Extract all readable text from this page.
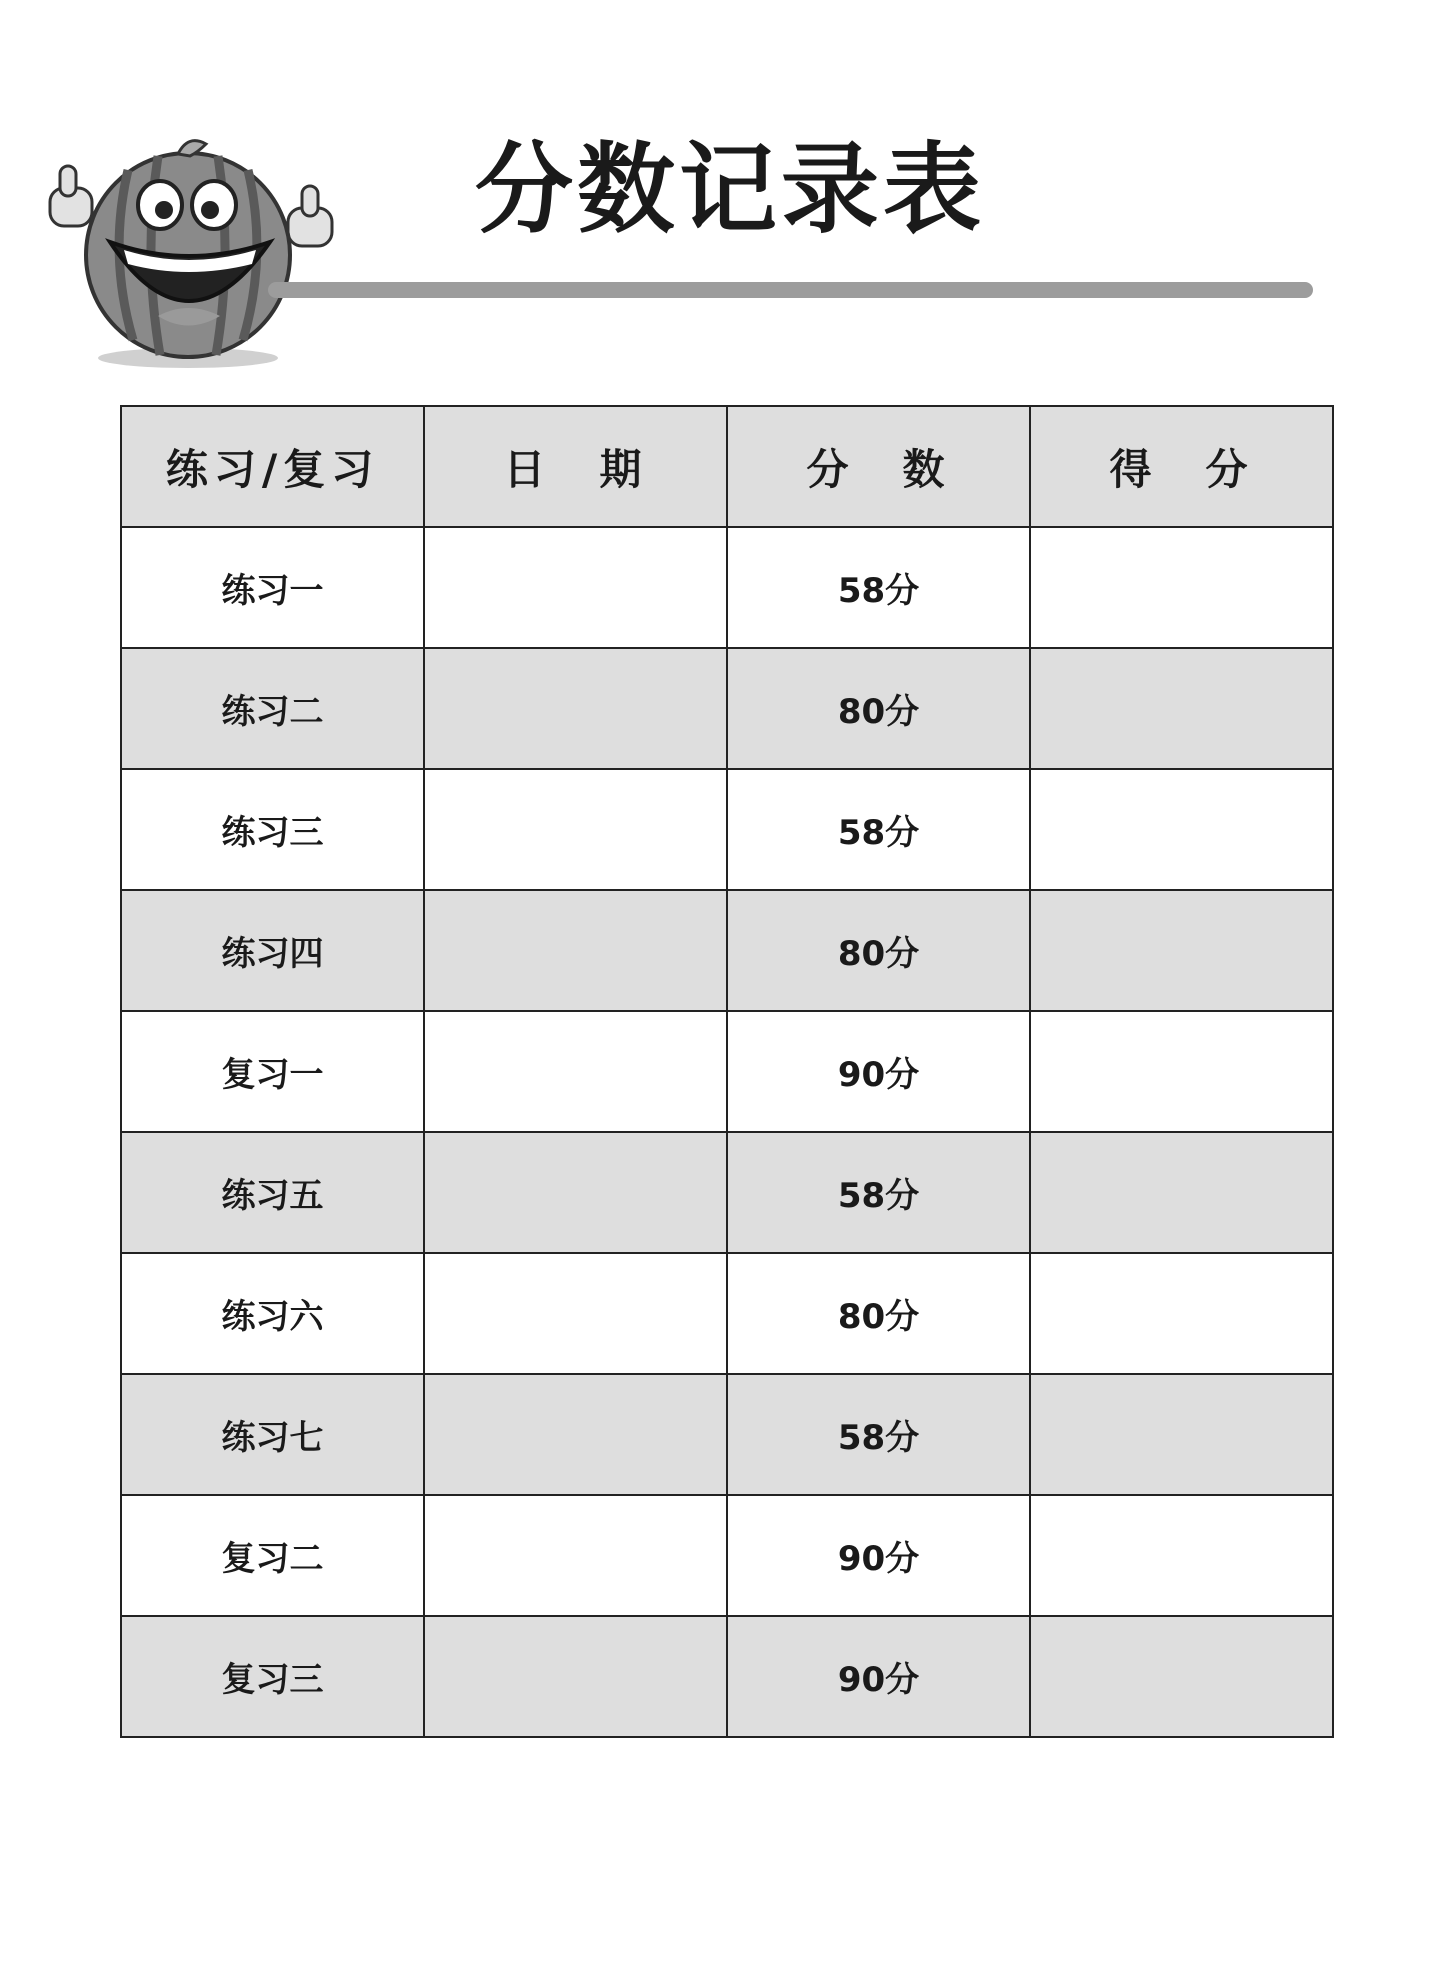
分数记录表
练习/复习	日　期	分　数	得　分
练习一		58分	
练习二		80分	
练习三		58分	
练习四		80分	
复习一		90分	
练习五		58分	
练习六		80分	
练习七		58分	
复习二		90分	
复习三		90分	
